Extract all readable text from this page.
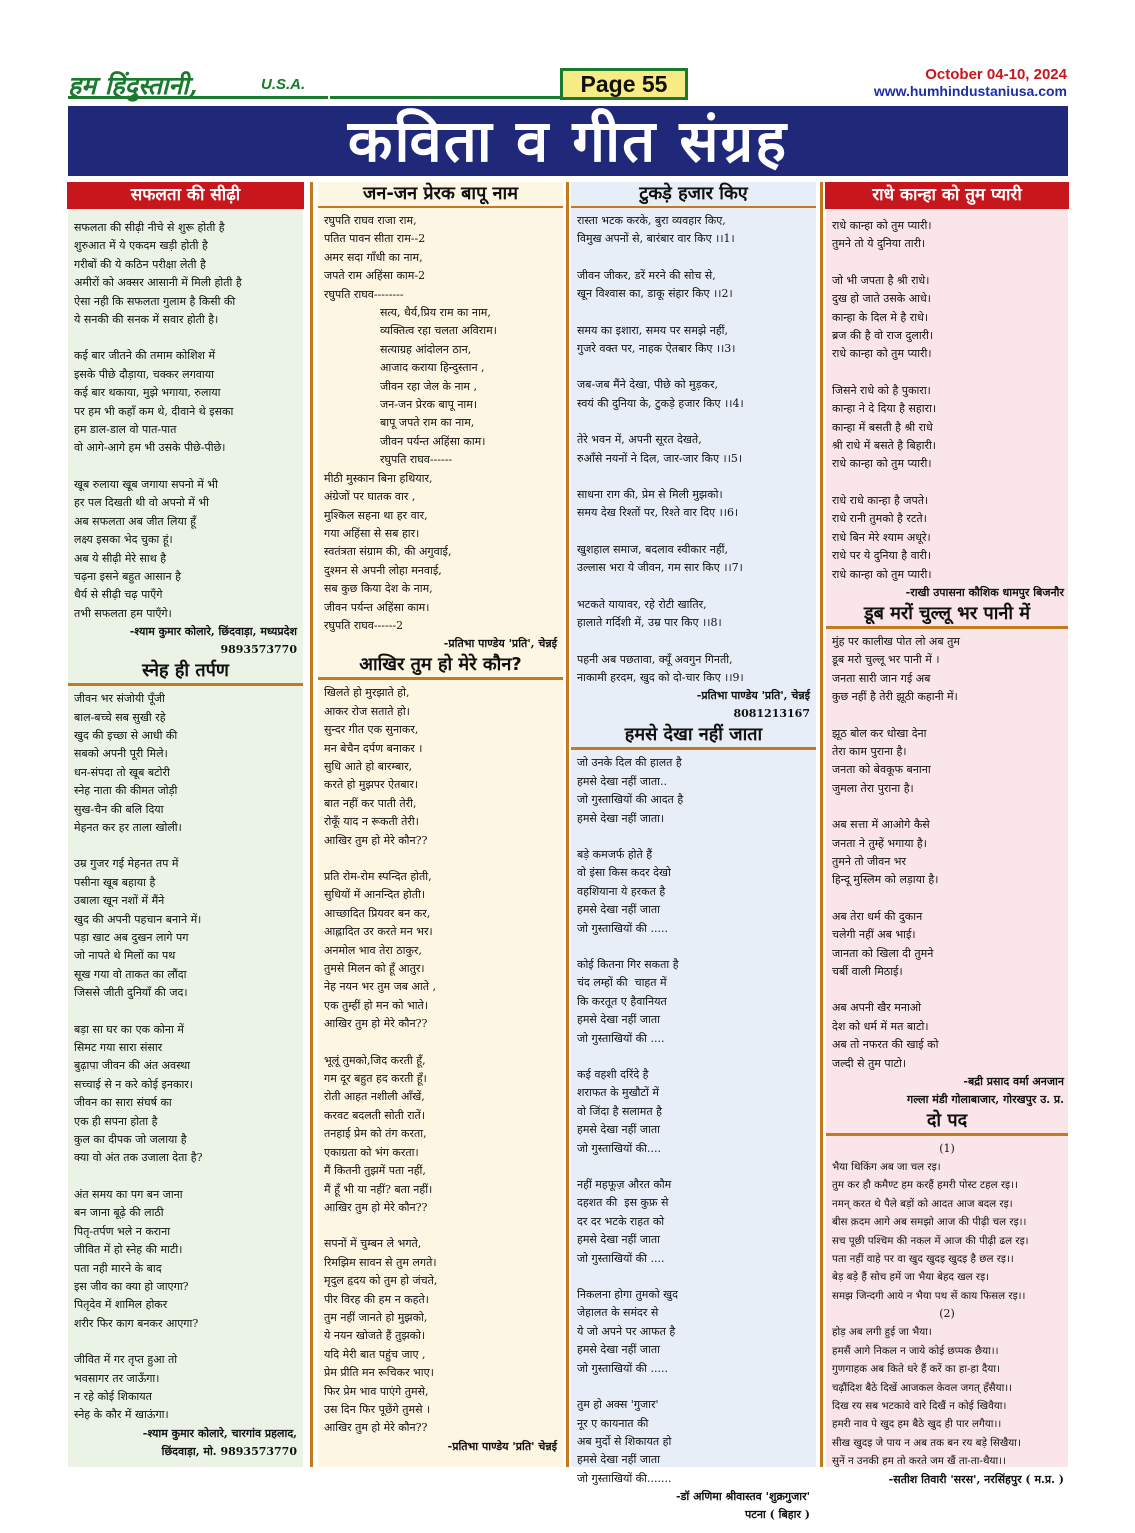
हम हिंदुस्तानी,	U.S.A.	Page 55	October 04-10, 2024
www.humhindustaniusa.com
कविता व गीत संग्रह
सफलता की सीढ़ी
सफलता की सीढ़ी नीचे से शुरू होती है
शुरुआत में ये एकदम खड़ी होती है
गरीबों की ये कठिन परीक्षा लेती है
अमीरों को अक्सर आसानी में मिली होती है
ऐसा नही कि सफलता गुलाम है किसी की
ये सनकी की सनक में सवार होती है।
कई बार जीतने की तमाम कोशिश में
इसके पीछे दौड़ाया, चक्कर लगवाया
कई बार थकाया, मुझे भगाया, रुलाया
पर हम भी कहाँ कम थे, दीवाने थे इसका
हम डाल-डाल वो पात-पात
वो आगे-आगे हम भी उसके पीछे-पीछे।
खूब रुलाया खूब जगाया सपनो में भी
हर पल दिखती थी वो अपनो में भी
अब सफलता अब जीत लिया हूँ
लक्ष्य इसका भेद चुका हूं।
अब ये सीढ़ी मेरे साथ है
चढ़ना इसने बहुत आसान है
धैर्य से सीढ़ी चढ़ पाएँगे
तभी सफलता हम पाएँगे।
-श्याम कुमार कोलारे, छिंदवाड़ा, मध्यप्रदेश
9893573770
स्नेह ही तर्पण
जीवन भर संजोयी पूँजी
बाल-बच्चे सब सुखी रहे
खुद की इच्छा से आधी की
सबको अपनी पूरी मिले।
धन-संपदा तो खूब बटोरी
स्नेह नाता की कीमत जोड़ी
सुख-चैन की बलि दिया
मेहनत कर हर ताला खोली।
उम्र गुजर गई मेहनत तप में
पसीना खूब बहाया है
उबाला खून नशों में मैंने
खुद की अपनी पहचान बनाने में।
पड़ा खाट अब दुखन लागे पग
जो नापते थे मिलों का पथ
सूख गया वो ताकत का लौंदा
जिससे जीती दुनियाँ की जद।
बड़ा सा घर का एक कोना में
सिमट गया सारा संसार
बुढ़ापा जीवन की अंत अवस्था
सच्चाई से न करे कोई इनकार।
जीवन का सारा संघर्ष का
एक ही सपना होता है
कुल का दीपक जो जलाया है
क्या वो अंत तक उजाला देता है?
अंत समय का पग बन जाना
बन जाना बूढ़े की लाठी
पितृ-तर्पण भले न कराना
जीवित में हो स्नेह की माटी।
पता नही मारने के बाद
इस जीव का क्या हो जाएगा?
पितृदेव में शामिल होकर
शरीर फिर काग बनकर आएगा?
जीवित में गर तृप्त हुआ तो
भवसागर तर जाऊँगा।
न रहे कोई शिकायत
स्नेह के कौर में खाऊंगा।
-श्याम कुमार कोलारे, चारगांव प्रहलाद,
छिंदवाड़ा, मो. 9893573770
जन-जन प्रेरक बापू नाम
रघुपति राघव राजा राम,
पतित पावन सीता राम--2
अमर सदा गाँधी का नाम,
जपते राम अहिंसा काम-2
रघुपति राघव--------
सत्य, धैर्य,प्रिय राम का नाम,
व्यक्तित्व रहा चलता अविराम।
सत्याग्रह आंदोलन ठान,
आजाद कराया हिन्दुस्तान ,
जीवन रहा जेल के नाम ,
जन-जन प्रेरक बापू नाम।
बापू जपते राम का नाम,
जीवन पर्यन्त अहिंसा काम।
रघुपति राघव------
मीठी मुस्कान बिना हथियार,
अंग्रेजों पर घातक वार ,
मुश्किल सहना था हर वार,
गया अहिंसा से सब हार।
स्वतंत्रता संग्राम की, की अगुवाई,
दुश्मन से अपनी लोहा मनवाई,
सब कुछ किया देश के नाम,
जीवन पर्यन्त अहिंसा काम।
रघुपति राघव------2
-प्रतिभा पाण्डेय 'प्रति', चेन्नई
आखिर तुम हो मेरे कौन?
खिलते हो मुरझाते हो,
आकर रोज सताते हो।
सुन्दर गीत एक सुनाकर,
मन बेचैन दर्पण बनाकर ।
सुधि आते हो बारम्बार,
करते हो मुझपर ऐतबार।
बात नहीं कर पाती तेरी,
रोकूँ याद न रूकती तेरी।
आखिर तुम हो मेरे कौन??
प्रति रोम-रोम स्पन्दित होती,
सुधियों में आनन्दित होती।
आच्छादित प्रियवर बन कर,
आह्लादित उर करते मन भर।
अनमोल भाव तेरा ठाकुर,
तुमसे मिलन को हूँ आतुर।
नेह नयन भर तुम जब आते ,
एक तुम्हीं हो मन को भाते।
आखिर तुम हो मेरे कौन??
भूलूं तुमको,जिद करती हूँ,
गम दूर बहुत हद करती हूँ।
रोती आहत नशीली आँखें,
करवट बदलती सोती रातें।
तनहाई प्रेम को तंग करता,
एकाग्रता को भंग करता।
मैं कितनी तुझमें पता नहीं,
मैं हूँ भी या नहीं? बता नहीं।
आखिर तुम हो मेरे कौन??
सपनों में चुम्बन ले भगते,
रिमझिम सावन से तुम लगते।
मृदुल हृदय को तुम हो जंचते,
पीर विरह की हम न कहते।
तुम नहीं जानते हो मुझको,
ये नयन खोजते हैं तुझको।
यदि मेरी बात पहुंच जाए ,
प्रेम प्रीति मन रूचिकर भाए।
फिर प्रेम भाव पाएंगे तुमसे,
उस दिन फिर पूछेंगे तुमसे ।
आखिर तुम हो मेरे कौन??
-प्रतिभा पाण्डेय 'प्रति' चेन्नई
टुकड़े हजार किए
रास्ता भटक करके, बुरा व्यवहार किए,
विमुख अपनों से, बारंबार वार किए ।।1।
जीवन जीकर, डरें मरने की सोच से,
खून विश्वास का, डाकू संहार किए ।।2।
समय का इशारा, समय पर समझे नहीं,
गुजरे वक्त पर, नाहक ऐतबार किए ।।3।
जब-जब मैंने देखा, पीछे को मुड़कर,
स्वयं की दुनिया के, टुकड़े हजार किए ।।4।
तेरे भवन में, अपनी सूरत देखते,
रुआँसे नयनों ने दिल, जार-जार किए ।।5।
साधना राग की, प्रेम से मिली मुझको।
समय देख रिश्तों पर, रिश्ते वार दिए ।।6।
खुशहाल समाज, बदलाव स्वीकार नहीं,
उल्लास भरा ये जीवन, गम सार किए ।।7।
भटकते यायावर, रहे रोटी खातिर,
हालाते गर्दिशी में, उम्र पार किए ।।8।
पहनी अब पछतावा, क्यूँ अवगुन गिनती,
नाकामी हरदम, खुद को दो-चार किए ।।9।
-प्रतिभा पाण्डेय 'प्रति', चेन्नई
8081213167
हमसे देखा नहीं जाता
जो उनके दिल की हालत है
हमसे देखा नहीं जाता..
जो गुस्ताखियों की आदत है
हमसे देखा नहीं जाता।
बड़े कमजर्फ होते हैं
वो इंसा किस कदर देखो
वहशियाना ये हरकत है
हमसे देखा नहीं जाता
जो गुस्ताखियों की .....
कोई कितना गिर सकता है
चंद लम्हों की  चाहत में
कि करतूत ए हैवानियत
हमसे देखा नहीं जाता
जो गुस्ताखियों की ....
कई वहशी दरिंदे है
शराफत के मुखौटों में
वो जिंदा है सलामत है
हमसे देखा नहीं जाता
जो गुस्ताखियों की....
नहीं महफूज़ औरत कौम
दहशत की  इस कुफ्र से
दर दर भटके राहत को
हमसे देखा नहीं जाता
जो गुस्ताखियों की ....
निकलना होगा तुमको खुद
जेहालत के समंदर से
ये जो अपने पर आफत है
हमसे देखा नहीं जाता
जो गुस्ताखियों की .....
तुम हो अक्स 'गुजार'
नूर ए कायनात की
अब मुर्दो से शिकायत हो
हमसे देखा नहीं जाता
जो गुस्ताखियों की.......
-डॉ अणिमा श्रीवास्तव 'शुक्रगुजार'
पटना ( बिहार )
राधे कान्हा को तुम प्यारी
राधे कान्हा को तुम प्यारी।
तुमने तो ये दुनिया तारी।
जो भी जपता है श्री राधे।
दुख हो जाते उसके आधे।
कान्हा के दिल मे है राधे।
ब्रज की है वो राज दुलारी।
राधे कान्हा को तुम प्यारी।
जिसने राधे को है पुकारा।
कान्हा ने दे दिया है सहारा।
कान्हा में बसती है श्री राधे
श्री राधे में बसते है बिहारी।
राधे कान्हा को तुम प्यारी।
राधे राधे कान्हा है जपते।
राधे रानी तुमको है रटते।
राधे बिन मेरे श्याम अधूरे।
राधे पर ये दुनिया है वारी।
राधे कान्हा को तुम प्यारी।
-राखी उपासना कौशिक धामपुर बिजनौर
डूब मरों चुल्लू भर पानी में
मुंह पर कालीख पोत लो अब तुम
डूब मरो चुल्लू भर पानी में ।
जनता सारी जान गई अब
कुछ नहीं है तेरी झूठी कहानी में।
झूठ बोल कर धोखा देना
तेरा काम पुराना है।
जनता को बेवकूफ बनाना
जुमला तेरा पुराना है।
अब सत्ता में आओगे कैसे
जनता ने तुम्हें भगाया है।
तुमने तो जीवन भर
हिन्दू मुस्लिम को लड़ाया है।
अब तेरा धर्म की दुकान
चलेगी नहीं अब भाई।
जानता को खिला दी तुमने
चर्बी वाली मिठाई।
अब अपनी खैर मनाओ
देश को धर्म में मत बाटो।
अब तो नफरत की खाई को
जल्दी से तुम पाटो।
-बद्री प्रसाद वर्मा अनजान
गल्ला मंडी गोलाबाजार, गोरखपुर उ. प्र.
दो पद
(1)
भैया थिकिंग अब जा चल रइ।
तुम कर हौ कमैण्ट हम करहैं हमरी पोस्ट टहल रइ।।
नमन् करत थे पैले बड़ों को आदत आज बदल रइ।
बीस क़दम आगे अब समझो आज की पीढ़ी चल रइ।।
सच पूछी पश्चिम की नकल में आज की पीढ़ी ढल रइ।
पता नहीं वाहे पर वा खुद खुदइ खुदइ है छल रइ।।
बेड़ बड़े हैं सोच हमें जा भैया बेहद खल रइ।
समझ जिन्दगी आये न भैया पथ सें काय फिसल रइ।।
(2)
होड़ अब लगी हुई जा भैया।
हमसैं आगे निकल न जाये कोई छप्पक छैया।।
गुणगाहक अब किते धरे हैं करें का हा-हा दैया।
चढ़ौंदिश बैठे दिखें आजकल केवल जगत् हँसैया।।
दिख रय सब भटकावे वारे दिखैं न कोई खिवैया।
हमरी नाव पे खुद हम बैठे खुद ही पार लगैया।।
सीख खुदइ जे पाय न अब तक बन रय बड़े सिखैया।
सुनें न उनकी हम तो करते जम खैं ता-ता-थैया।।
-सतीश तिवारी 'सरस', नरसिंहपुर ( म.प्र. )
